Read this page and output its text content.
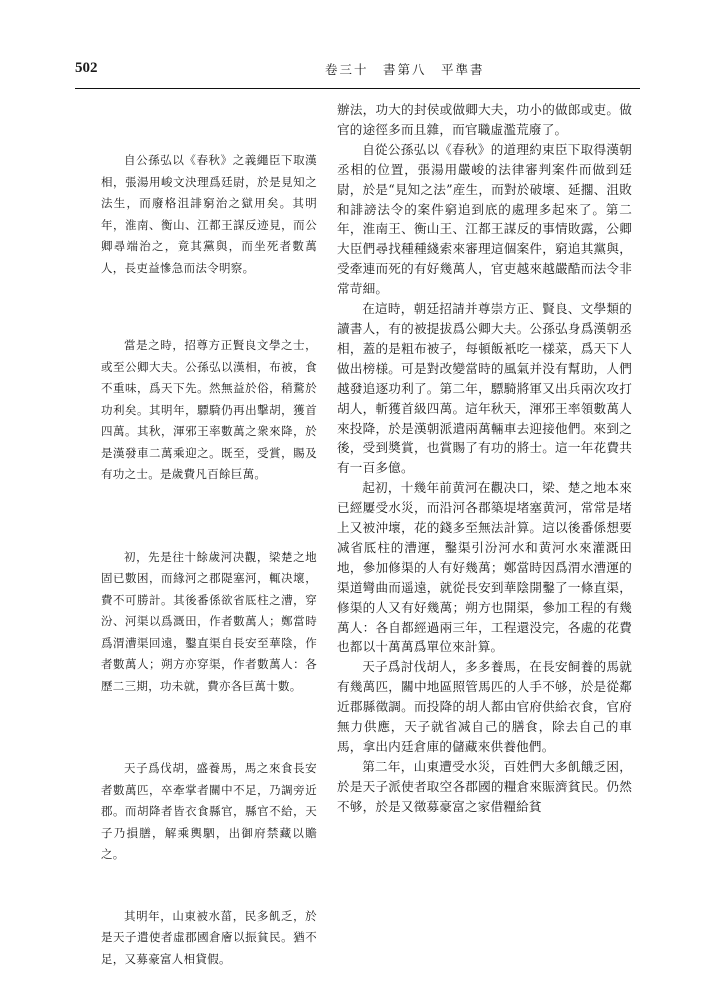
502	卷三十　書第八　平準書

自公孫弘以《春秋》之義繩臣下取漢相，張湯用峻文決理爲廷尉，於是見知之法生，而廢格沮誹窮治之獄用矣。其明年，淮南、衡山、江都王謀反迹見，而公卿尋端治之，竟其黨與，而坐死者數萬人，長吏益慘急而法令明察。

當是之時，招尊方正賢良文學之士，或至公卿大夫。公孫弘以漢相，布被，食不重味，爲天下先。然無益於俗，稍騖於功利矣。其明年，驃騎仍再出擊胡，獲首四萬。其秋，渾邪王率數萬之衆來降，於是漢發車二萬乘迎之。既至，受賞，賜及有功之士。是歲費凡百餘巨萬。

初，先是往十餘歲河决觀，梁楚之地固已數困，而緣河之郡隄塞河，輒决壞，費不可勝計。其後番係欲省厎柱之漕，穿汾、河渠以爲溉田，作者數萬人；鄭當時爲渭漕渠回遠，鑿直渠自長安至華陰，作者數萬人；朔方亦穿渠，作者數萬人：各歷二三期，功未就，費亦各巨萬十數。

天子爲伐胡，盛養馬，馬之來食長安者數萬匹，卒牽掌者關中不足，乃調旁近郡。而胡降者皆衣食縣官，縣官不給，天子乃損膳，解乘輿駟，出御府禁藏以贍之。

其明年，山東被水菑，民多飢乏，於是天子遣使者虛郡國倉廥以振貧民。猶不足，又募豪富人相貸假。

辦法，功大的封侯或做卿大夫，功小的做郎或吏。做官的途徑多而且雜，而官職虛濫荒廢了。

自從公孫弘以《春秋》的道理約束臣下取得漢朝丞相的位置，張湯用嚴峻的法律審判案件而做到廷尉，於是“見知之法”産生，而對於破壞、延擱、沮敗和誹謗法令的案件窮追到底的處理多起來了。第二年，淮南王、衡山王、江都王謀反的事情敗露，公卿大臣們尋找種種綫索來審理這個案件，窮追其黨與，受牽連而死的有好幾萬人，官吏越來越嚴酷而法令非常苛細。

在這時，朝廷招請并尊崇方正、賢良、文學類的讀書人，有的被提拔爲公卿大夫。公孫弘身爲漢朝丞相，蓋的是粗布被子，每頓飯衹吃一樣菜，爲天下人做出榜様。可是對改變當時的風氣并没有幫助，人們越發追逐功利了。第二年，驃騎將軍又出兵兩次攻打胡人，斬獲首級四萬。這年秋天，渾邪王率領數萬人來投降，於是漢朝派遣兩萬輛車去迎接他們。來到之後，受到奬賞，也賞賜了有功的將士。這一年花費共有一百多億。

起初，十幾年前黄河在觀决口，梁、楚之地本來已經屢受水災，而沿河各郡築堤堵塞黄河，常常是堵上又被沖壞，花的錢多至無法計算。這以後番係想要减省厎柱的漕運，鑿渠引汾河水和黄河水來灌溉田地，參加修渠的人有好幾萬；鄭當時因爲渭水漕運的渠道彎曲而遥遠，就從長安到華陰開鑿了一條直渠，修渠的人又有好幾萬；朔方也開渠，參加工程的有幾萬人：各自都經過兩三年，工程還没完，各處的花費也都以十萬萬爲單位來計算。

天子爲討伐胡人，多多養馬，在長安飼養的馬就有幾萬匹，關中地區照管馬匹的人手不够，於是從鄰近郡縣徵調。而投降的胡人都由官府供給衣食，官府無力供應，天子就省减自己的膳食，除去自己的車馬，拿出内廷倉庫的儲藏來供養他們。

第二年，山東遭受水災，百姓們大多飢餓乏困，於是天子派使者取空各郡國的糧倉來賑濟貧民。仍然不够，於是又徵募豪富之家借糧給貧
